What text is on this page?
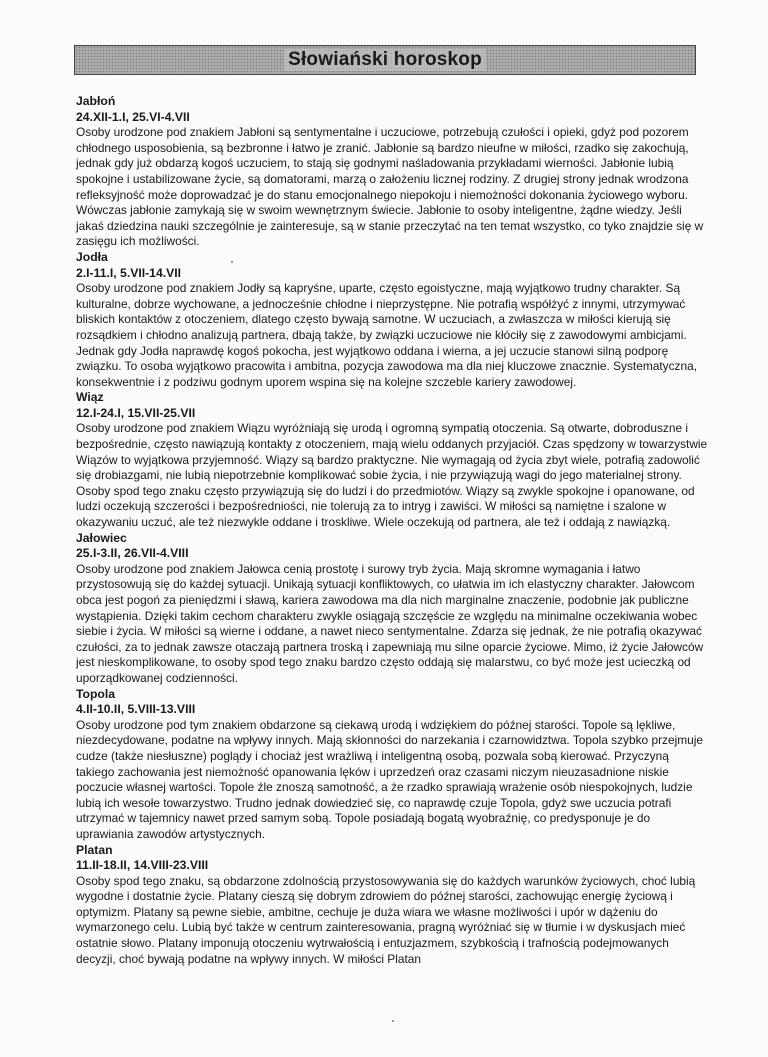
Słowiański horoskop
Jabłoń
24.XII-1.I, 25.VI-4.VII
Osoby urodzone pod znakiem Jabłoni są sentymentalne i uczuciowe, potrzebują czułości i opieki, gdyż pod pozorem chłodnego usposobienia, są bezbronne i łatwo je zranić. Jabłonie są bardzo nieufne w miłości, rzadko się zakochują, jednak gdy już obdarzą kogoś uczuciem, to stają się godnymi naśladowania przykładami wierności. Jabłonie lubią spokojne i ustabilizowane życie, są domatorami, marzą o założeniu licznej rodziny. Z drugiej strony jednak wrodzona refleksyjność może doprowadzać je do stanu emocjonalnego niepokoju i niemożności dokonania życiowego wyboru. Wówczas jabłonie zamykają się w swoim wewnętrznym świecie. Jabłonie to osoby inteligentne, żądne wiedzy. Jeśli jakaś dziedzina nauki szczególnie je zainteresuje, są w stanie przeczytać na ten temat wszystko, co tyko znajdzie się w zasięgu ich możliwości.
Jodła
2.I-11.I, 5.VII-14.VII
Osoby urodzone pod znakiem Jodły są kapryśne, uparte, często egoistyczne, mają wyjątkowo trudny charakter. Są kulturalne, dobrze wychowane, a jednocześnie chłodne i nieprzystępne. Nie potrafią współżyć z innymi, utrzymywać bliskich kontaktów z otoczeniem, dlatego często bywają samotne. W uczuciach, a zwłaszcza w miłości kierują się rozsądkiem i chłodno analizują partnera, dbają także, by związki uczuciowe nie kłóciły się z zawodowymi ambicjami. Jednak gdy Jodła naprawdę kogoś pokocha, jest wyjątkowo oddana i wierna, a jej uczucie stanowi silną podporę związku. To osoba wyjątkowo pracowita i ambitna, pozycja zawodowa ma dla niej kluczowe znacznie. Systematyczna, konsekwentnie i z podziwu godnym uporem wspina się na kolejne szczeble kariery zawodowej.
Wiąz
12.I-24.I, 15.VII-25.VII
Osoby urodzone pod znakiem Wiązu wyróżniają się urodą i ogromną sympatią otoczenia. Są otwarte, dobroduszne i bezpośrednie, często nawiązują kontakty z otoczeniem, mają wielu oddanych przyjaciół. Czas spędzony w towarzystwie Wiązów to wyjątkowa przyjemność. Wiązy są bardzo praktyczne. Nie wymagają od życia zbyt wiele, potrafią zadowolić się drobiazgami, nie lubią niepotrzebnie komplikować sobie życia, i nie przywiązują wagi do jego materialnej strony. Osoby spod tego znaku często przywiązują się do ludzi i do przedmiotów. Wiązy są zwykle spokojne i opanowane, od ludzi oczekują szczerości i bezpośredniości, nie tolerują za to intryg i zawiści. W miłości są namiętne i szalone w okazywaniu uczuć, ale też niezwykle oddane i troskliwe. Wiele oczekują od partnera, ale też i oddają z nawiązką.
Jałowiec
25.I-3.II, 26.VII-4.VIII
Osoby urodzone pod znakiem Jałowca cenią prostotę i surowy tryb życia. Mają skromne wymagania i łatwo przystosowują się do każdej sytuacji. Unikają sytuacji konfliktowych, co ułatwia im ich elastyczny charakter. Jałowcom obca jest pogoń za pieniędzmi i sławą, kariera zawodowa ma dla nich marginalne znaczenie, podobnie jak publiczne wystąpienia. Dzięki takim cechom charakteru zwykle osiągają szczęście ze względu na minimalne oczekiwania wobec siebie i życia. W miłości są wierne i oddane, a nawet nieco sentymentalne. Zdarza się jednak, że nie potrafią okazywać czułości, za to jednak zawsze otaczają partnera troską i zapewniają mu silne oparcie życiowe. Mimo, iż życie Jałowców jest nieskomplikowane, to osoby spod tego znaku bardzo często oddają się malarstwu, co być może jest ucieczką od uporządkowanej codzienności.
Topola
4.II-10.II, 5.VIII-13.VIII
Osoby urodzone pod tym znakiem obdarzone są ciekawą urodą i wdziękiem do późnej starości. Topole są lękliwe, niezdecydowane, podatne na wpływy innych. Mają skłonności do narzekania i czarnowidztwa. Topola szybko przejmuje cudze (także niesłuszne) poglądy i chociaż jest wrażliwą i inteligentną osobą, pozwala sobą kierować. Przyczyną takiego zachowania jest niemożność opanowania lęków i uprzedzeń oraz czasami niczym nieuzasadnione niskie poczucie własnej wartości. Topole źle znoszą samotność, a że rzadko sprawiają wrażenie osób niespokojnych, ludzie lubią ich wesołe towarzystwo. Trudno jednak dowiedzieć się, co naprawdę czuje Topola, gdyż swe uczucia potrafi utrzymać w tajemnicy nawet przed samym sobą. Topole posiadają bogatą wyobraźnię, co predysponuje je do uprawiania zawodów artystycznych.
Platan
11.II-18.II, 14.VIII-23.VIII
Osoby spod tego znaku, są obdarzone zdolnością przystosowywania się do każdych warunków życiowych, choć lubią wygodne i dostatnie życie. Platany cieszą się dobrym zdrowiem do późnej starości, zachowując energię życiową i optymizm. Platany są pewne siebie, ambitne, cechuje je duża wiara we własne możliwości i upór w dążeniu do wymarzonego celu. Lubią być także w centrum zainteresowania, pragną wyróżniać się w tłumie i w dyskusjach mieć ostatnie słowo. Platany imponują otoczeniu wytrwałością i entuzjazmem, szybkością i trafnością podejmowanych decyzji, choć bywają podatne na wpływy innych. W miłości Platan
